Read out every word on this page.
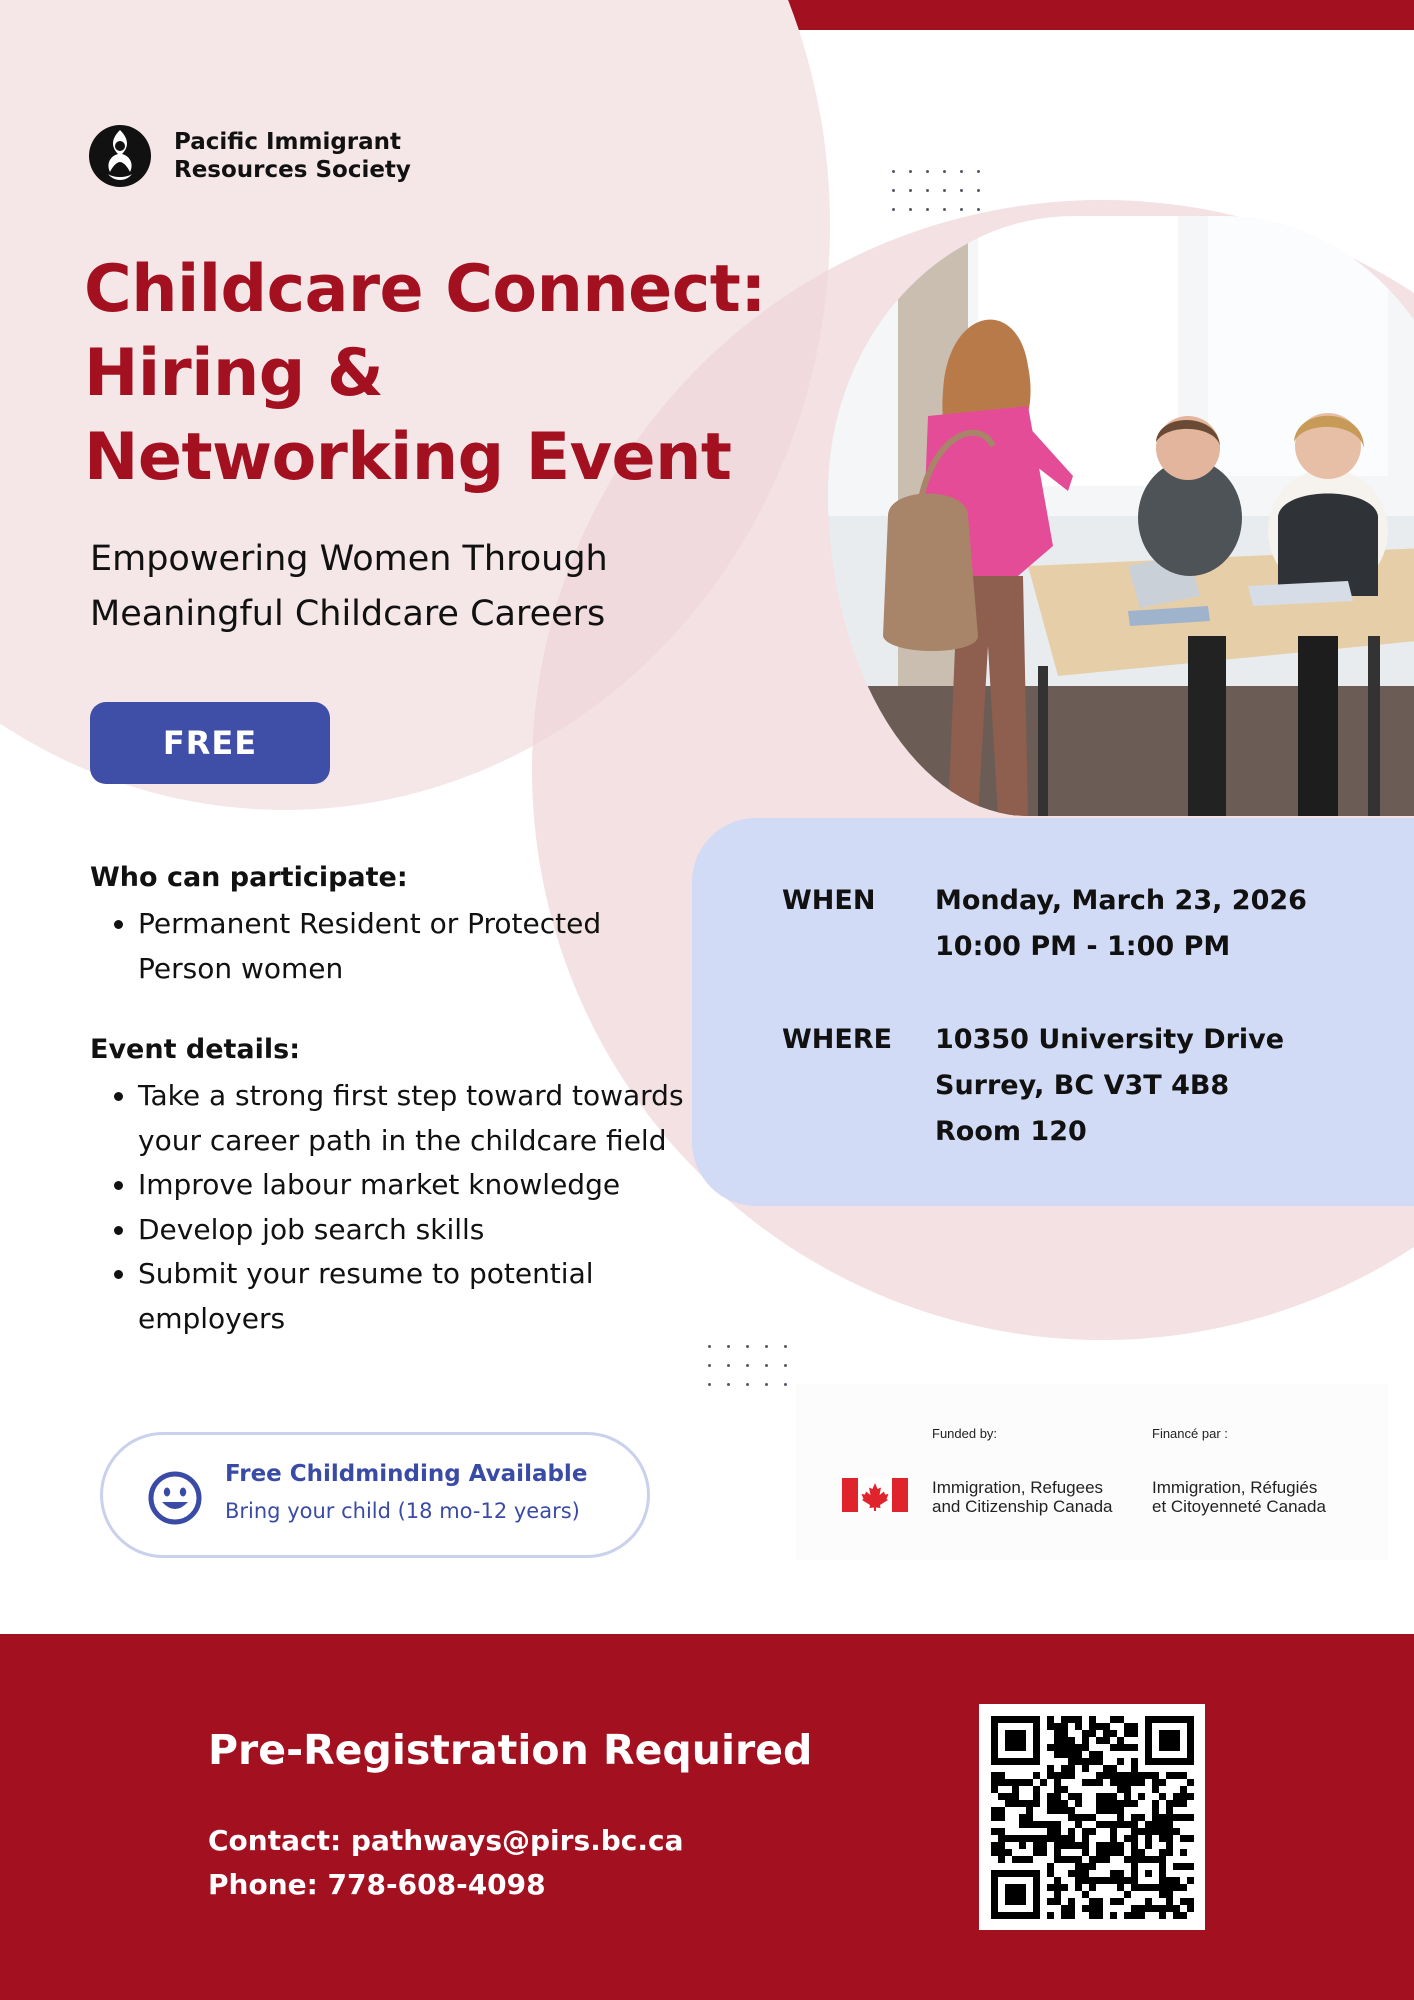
Pacific Immigrant
Resources Society
Childcare Connect:
Hiring &
Networking Event
Empowering Women Through
Meaningful Childcare Careers
FREE
WHEN	Monday, March 23, 2026
10:00 PM - 1:00 PM
WHERE	10350 University Drive
Surrey, BC V3T 4B8
Room 120
Who can participate:
• Permanent Resident or Protected Person women
Event details:
• Take a strong first step toward towards your career path in the childcare field
• Improve labour market knowledge
• Develop job search skills
• Submit your resume to potential employers
Free Childminding Available
Bring your child (18 mo-12 years)
Funded by:	Financé par :
Immigration, Refugees
and Citizenship Canada
Immigration, Réfugiés
et Citoyenneté Canada
Pre-Registration Required
Contact: pathways@pirs.bc.ca
Phone: 778-608-4098
